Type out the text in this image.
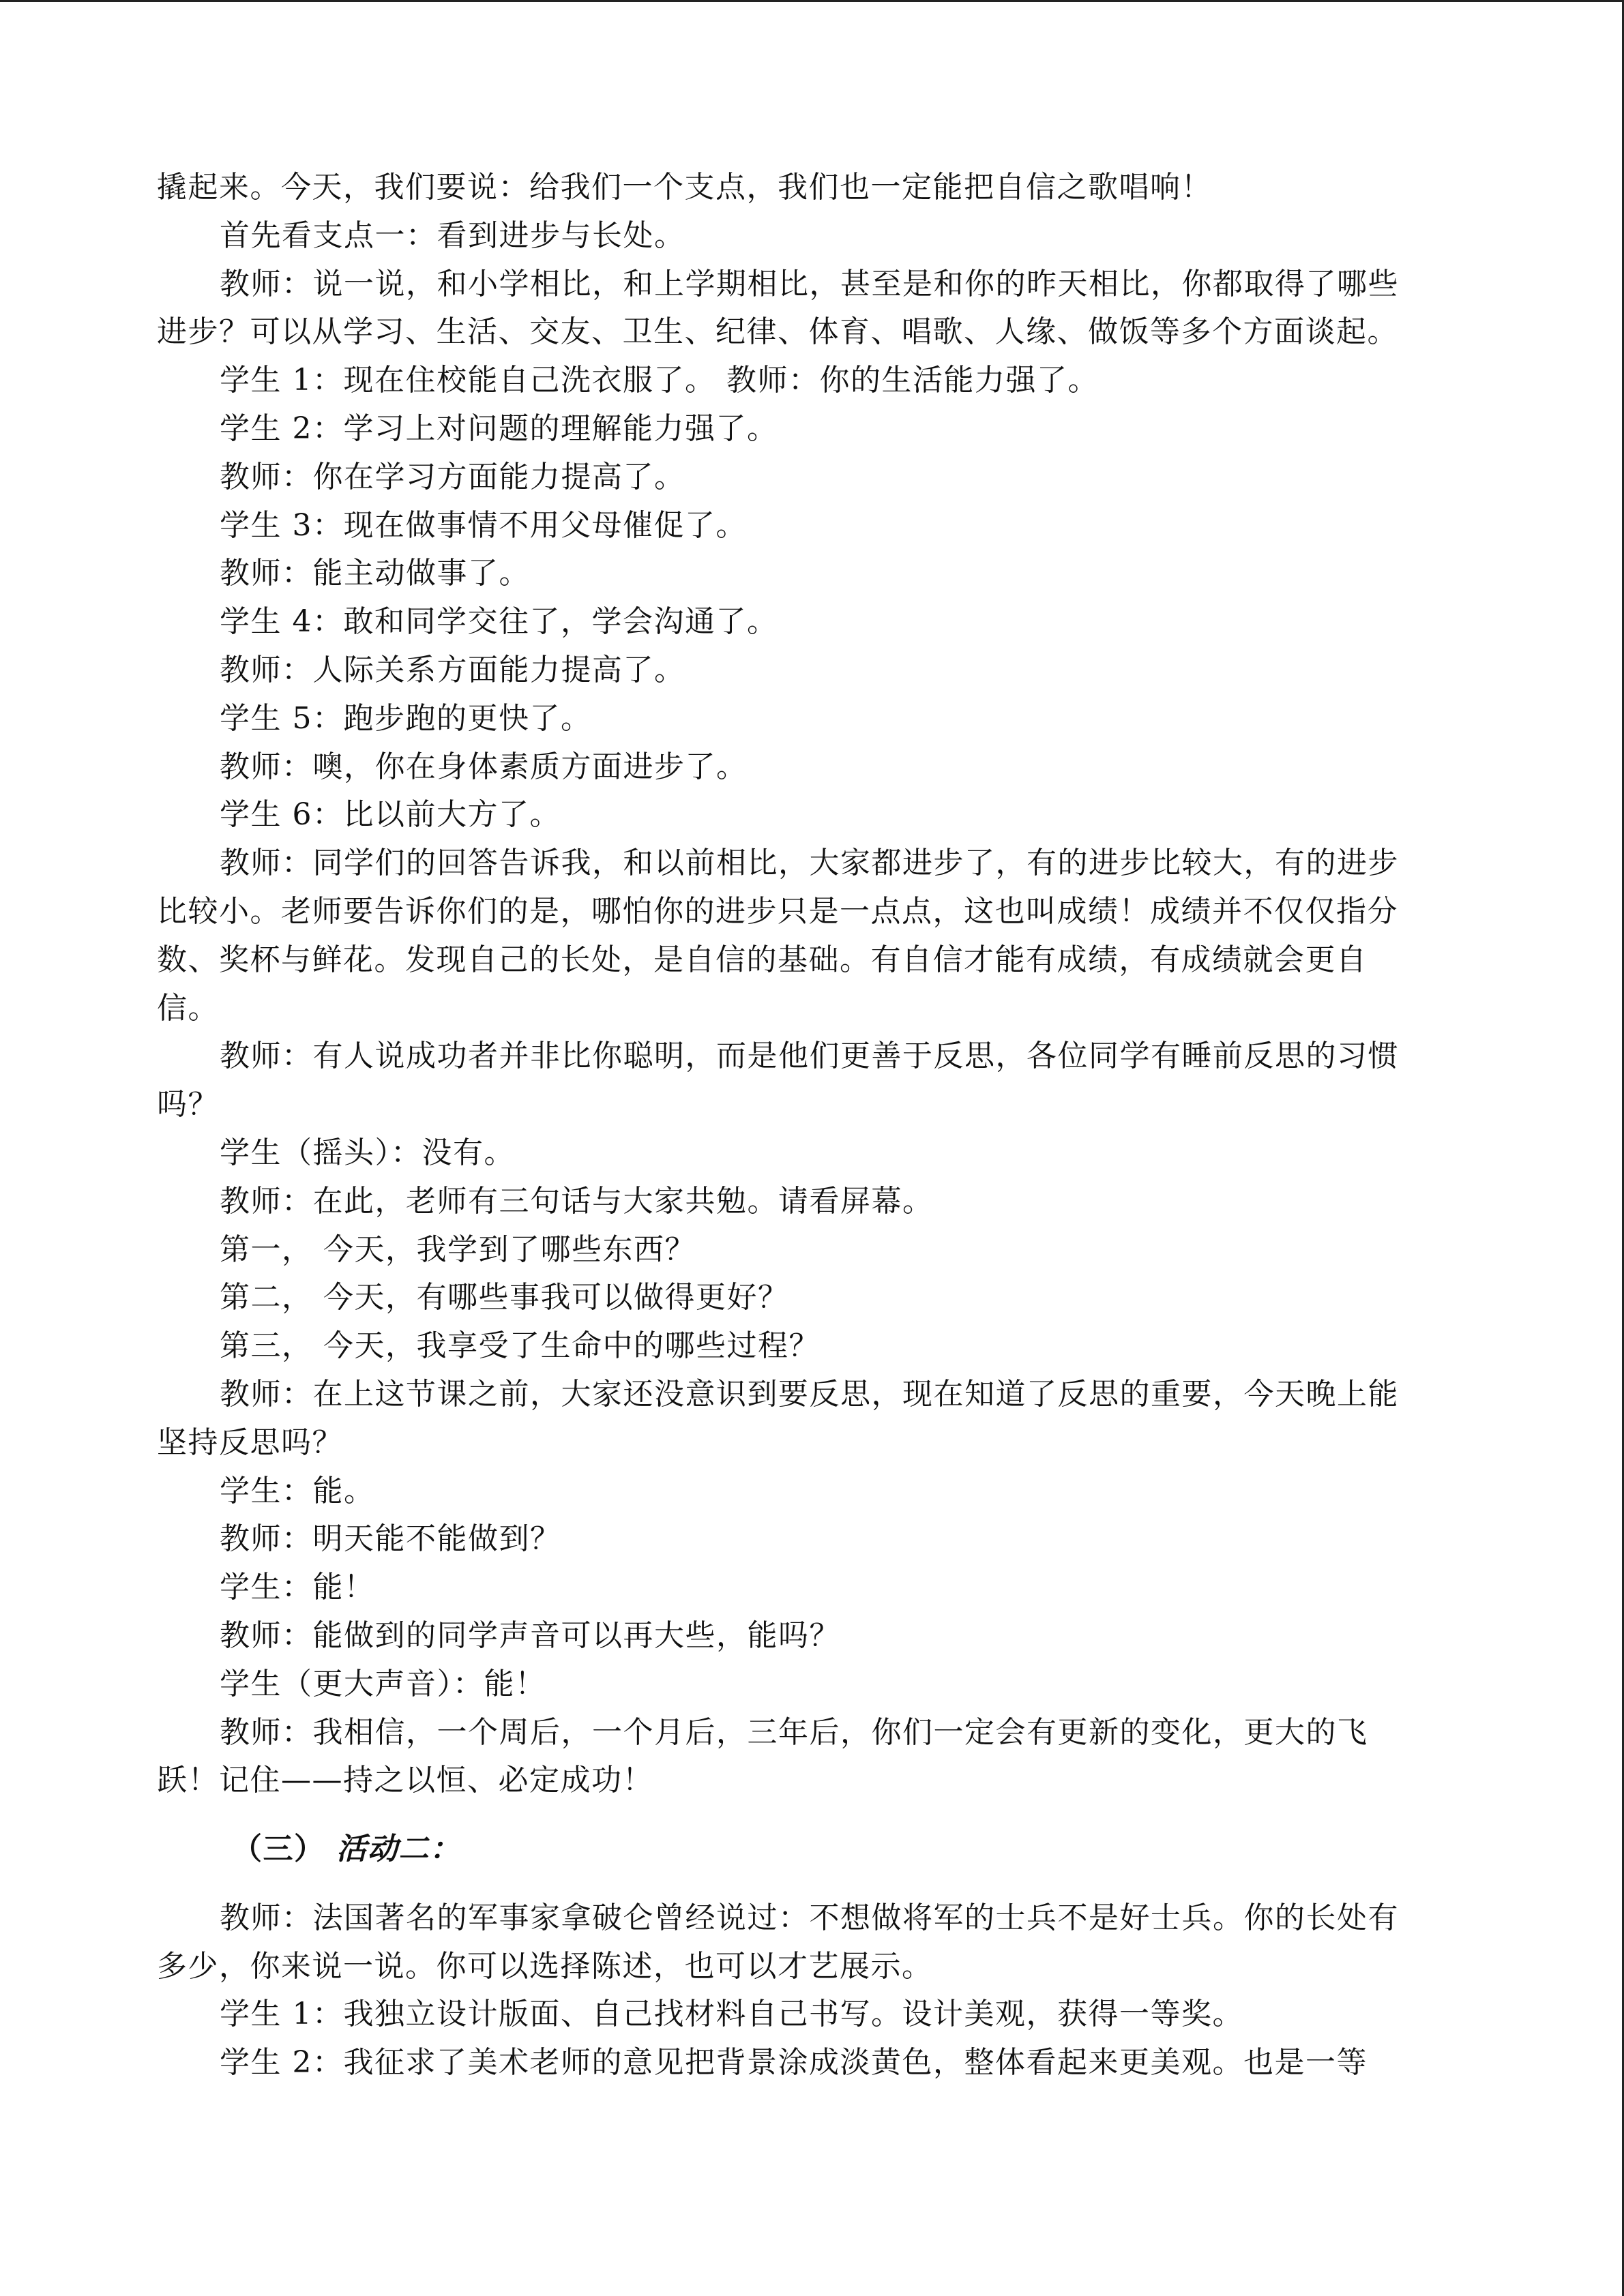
撬起来。今天，我们要说：给我们一个支点，我们也一定能把自信之歌唱响！
首先看支点一：看到进步与长处。
教师：说一说，和小学相比，和上学期相比，甚至是和你的昨天相比，你都取得了哪些
进步？可以从学习、生活、交友、卫生、纪律、体育、唱歌、人缘、做饭等多个方面谈起。
学生 1：现在住校能自己洗衣服了。 教师：你的生活能力强了。
学生 2：学习上对问题的理解能力强了。
教师：你在学习方面能力提高了。
学生 3：现在做事情不用父母催促了。
教师：能主动做事了。
学生 4：敢和同学交往了，学会沟通了。
教师：人际关系方面能力提高了。
学生 5：跑步跑的更快了。
教师：噢，你在身体素质方面进步了。
学生 6：比以前大方了。
教师：同学们的回答告诉我，和以前相比，大家都进步了，有的进步比较大，有的进步
比较小。老师要告诉你们的是，哪怕你的进步只是一点点，这也叫成绩！成绩并不仅仅指分
数、奖杯与鲜花。发现自己的长处，是自信的基础。有自信才能有成绩，有成绩就会更自
信。
教师：有人说成功者并非比你聪明，而是他们更善于反思，各位同学有睡前反思的习惯
吗？
学生（摇头）：没有。
教师：在此，老师有三句话与大家共勉。请看屏幕。
第一， 今天，我学到了哪些东西？
第二， 今天，有哪些事我可以做得更好？
第三， 今天，我享受了生命中的哪些过程？
教师：在上这节课之前，大家还没意识到要反思，现在知道了反思的重要，今天晚上能
坚持反思吗？
学生：能。
教师：明天能不能做到？
学生：能！
教师：能做到的同学声音可以再大些，能吗？
学生（更大声音）：能！
教师：我相信，一个周后，一个月后，三年后，你们一定会有更新的变化，更大的飞
跃！记住——持之以恒、必定成功！
（三） 活动二：
教师：法国著名的军事家拿破仑曾经说过：不想做将军的士兵不是好士兵。你的长处有
多少，你来说一说。你可以选择陈述，也可以才艺展示。
学生 1：我独立设计版面、自己找材料自己书写。设计美观，获得一等奖。
学生 2：我征求了美术老师的意见把背景涂成淡黄色，整体看起来更美观。也是一等
